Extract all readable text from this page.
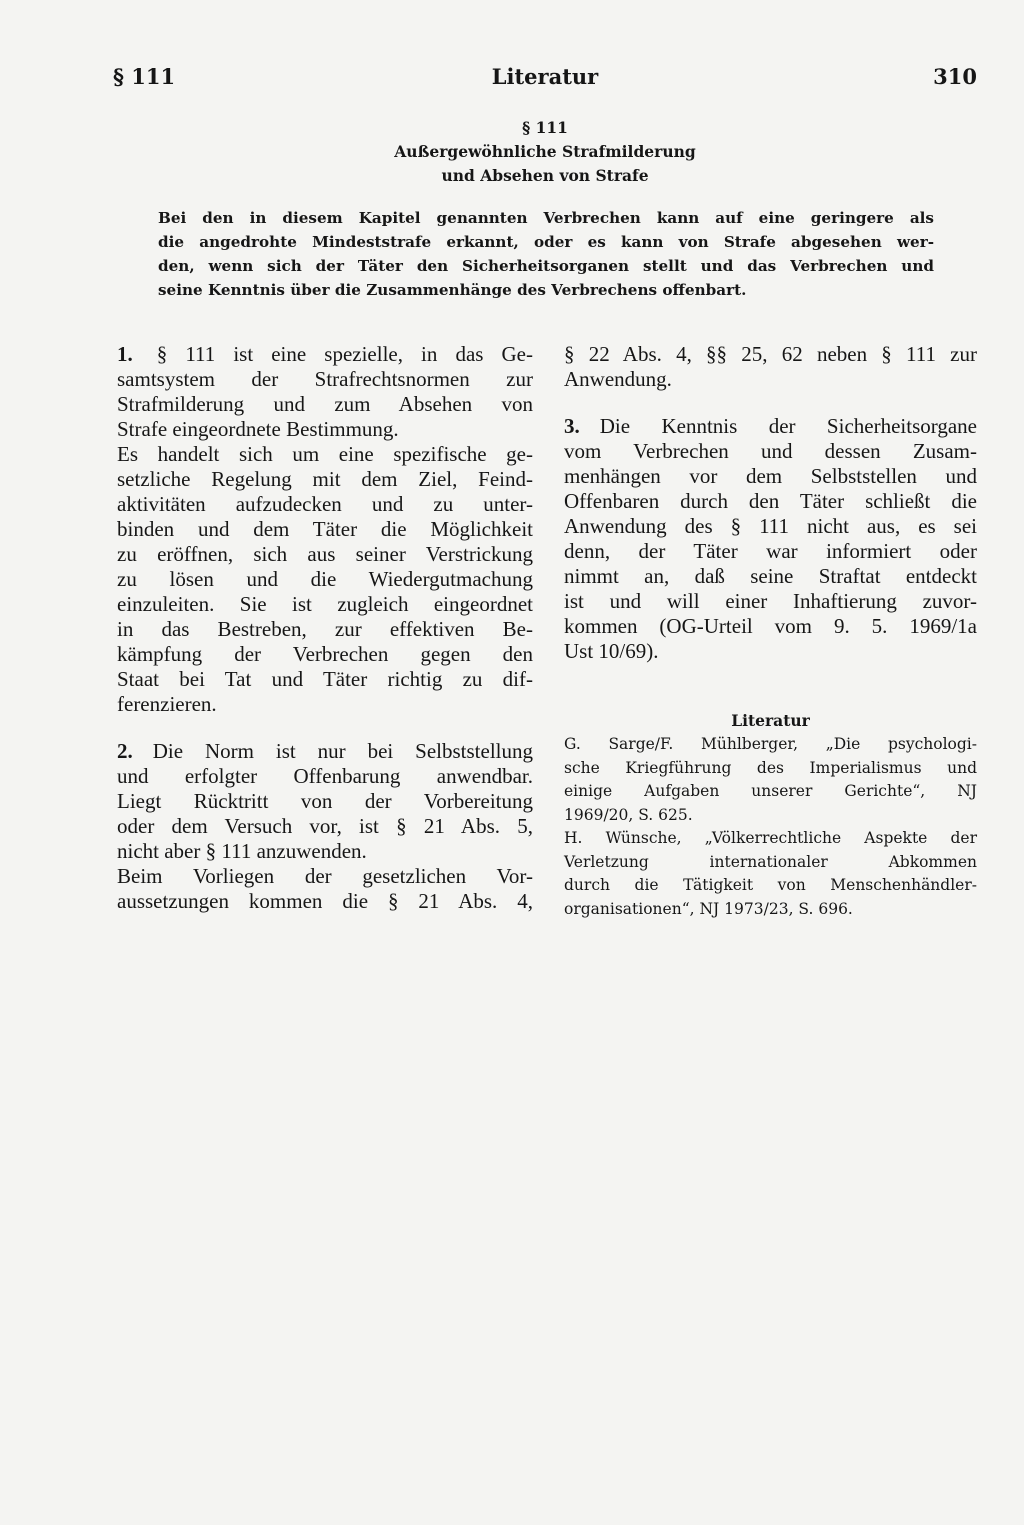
§ 111	Literatur	310
§ 111
Außergewöhnliche Strafmilderung
und Absehen von Strafe
Bei den in diesem Kapitel genannten Verbrechen kann auf eine geringere als
die angedrohte Mindeststrafe erkannt, oder es kann von Strafe abgesehen wer-
den, wenn sich der Täter den Sicherheitsorganen stellt und das Verbrechen und
seine Kenntnis über die Zusammenhänge des Verbrechens offenbart.
1. § 111 ist eine spezielle, in das Ge-
samtsystem der Strafrechtsnormen zur
Strafmilderung und zum Absehen von
Strafe eingeordnete Bestimmung.
Es handelt sich um eine spezifische ge-
setzliche Regelung mit dem Ziel, Feind-
aktivitäten aufzudecken und zu unter-
binden und dem Täter die Möglichkeit
zu eröffnen, sich aus seiner Verstrickung
zu lösen und die Wiedergutmachung
einzuleiten. Sie ist zugleich eingeordnet
in das Bestreben, zur effektiven Be-
kämpfung der Verbrechen gegen den
Staat bei Tat und Täter richtig zu dif-
ferenzieren.
2. Die Norm ist nur bei Selbststellung
und erfolgter Offenbarung anwendbar.
Liegt Rücktritt von der Vorbereitung
oder dem Versuch vor, ist § 21 Abs. 5,
nicht aber § 111 anzuwenden.
Beim Vorliegen der gesetzlichen Vor-
aussetzungen kommen die § 21 Abs. 4,
§ 22 Abs. 4, §§ 25, 62 neben § 111 zur
Anwendung.
3. Die Kenntnis der Sicherheitsorgane
vom Verbrechen und dessen Zusam-
menhängen vor dem Selbststellen und
Offenbaren durch den Täter schließt die
Anwendung des § 111 nicht aus, es sei
denn, der Täter war informiert oder
nimmt an, daß seine Straftat entdeckt
ist und will einer Inhaftierung zuvor-
kommen (OG-Urteil vom 9. 5. 1969/1a
Ust 10/69).
Literatur
G. Sarge/F. Mühlberger, „Die psychologi-
sche Kriegführung des Imperialismus und
einige Aufgaben unserer Gerichte“, NJ
1969/20, S. 625.
H. Wünsche, „Völkerrechtliche Aspekte der
Verletzung internationaler Abkommen
durch die Tätigkeit von Menschenhändler-
organisationen“, NJ 1973/23, S. 696.
